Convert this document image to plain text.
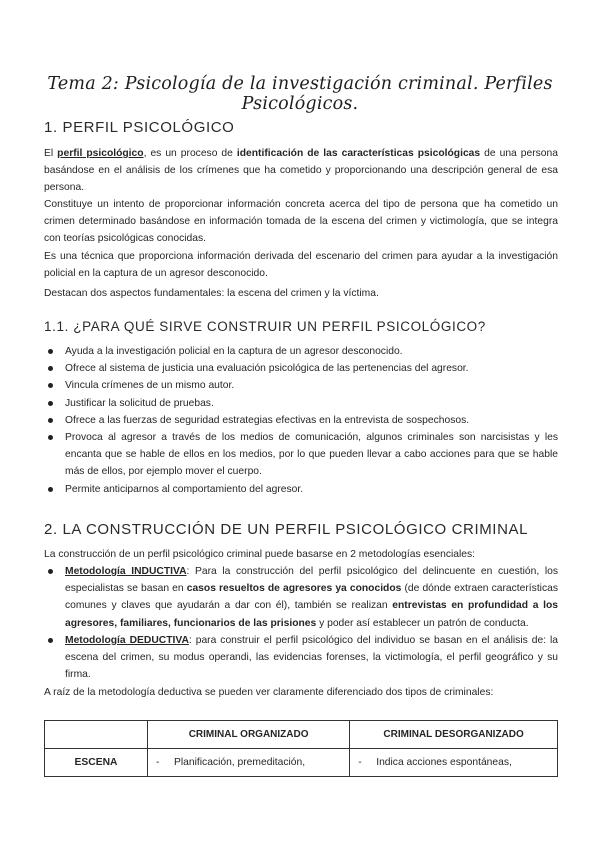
Tema 2: Psicología de la investigación criminal. Perfiles Psicológicos.
1. PERFIL PSICOLÓGICO
El perfil psicológico, es un proceso de identificación de las características psicológicas de una persona basándose en el análisis de los crímenes que ha cometido y proporcionando una descripción general de esa persona.
Constituye un intento de proporcionar información concreta acerca del tipo de persona que ha cometido un crimen determinado basándose en información tomada de la escena del crimen y victimología, que se integra con teorías psicológicas conocidas.
Es una técnica que proporciona información derivada del escenario del crimen para ayudar a la investigación policial en la captura de un agresor desconocido.
Destacan dos aspectos fundamentales: la escena del crimen y la víctima.
1.1. ¿PARA QUÉ SIRVE CONSTRUIR UN PERFIL PSICOLÓGICO?
Ayuda a la investigación policial en la captura de un agresor desconocido.
Ofrece al sistema de justicia una evaluación psicológica de las pertenencias del agresor.
Vincula crímenes de un mismo autor.
Justificar la solicitud de pruebas.
Ofrece a las fuerzas de seguridad estrategias efectivas en la entrevista de sospechosos.
Provoca al agresor a través de los medios de comunicación, algunos criminales son narcisistas y les encanta que se hable de ellos en los medios, por lo que pueden llevar a cabo acciones para que se hable más de ellos, por ejemplo mover el cuerpo.
Permite anticiparnos al comportamiento del agresor.
2. LA CONSTRUCCIÓN DE UN PERFIL PSICOLÓGICO CRIMINAL
La construcción de un perfil psicológico criminal puede basarse en 2 metodologías esenciales:
Metodología INDUCTIVA: Para la construcción del perfil psicológico del delincuente en cuestión, los especialistas se basan en casos resueltos de agresores ya conocidos (de dónde extraen características comunes y claves que ayudarán a dar con él), también se realizan entrevistas en profundidad a los agresores, familiares, funcionarios de las prisiones y poder así establecer un patrón de conducta.
Metodología DEDUCTIVA: para construir el perfil psicológico del individuo se basan en el análisis de: la escena del crimen, su modus operandi, las evidencias forenses, la victimología, el perfil geográfico y su firma.
A raíz de la metodología deductiva se pueden ver claramente diferenciado dos tipos de criminales:
	CRIMINAL ORGANIZADO	CRIMINAL DESORGANIZADO
ESCENA	- Planificación, premeditación,	- Indica acciones espontáneas,
